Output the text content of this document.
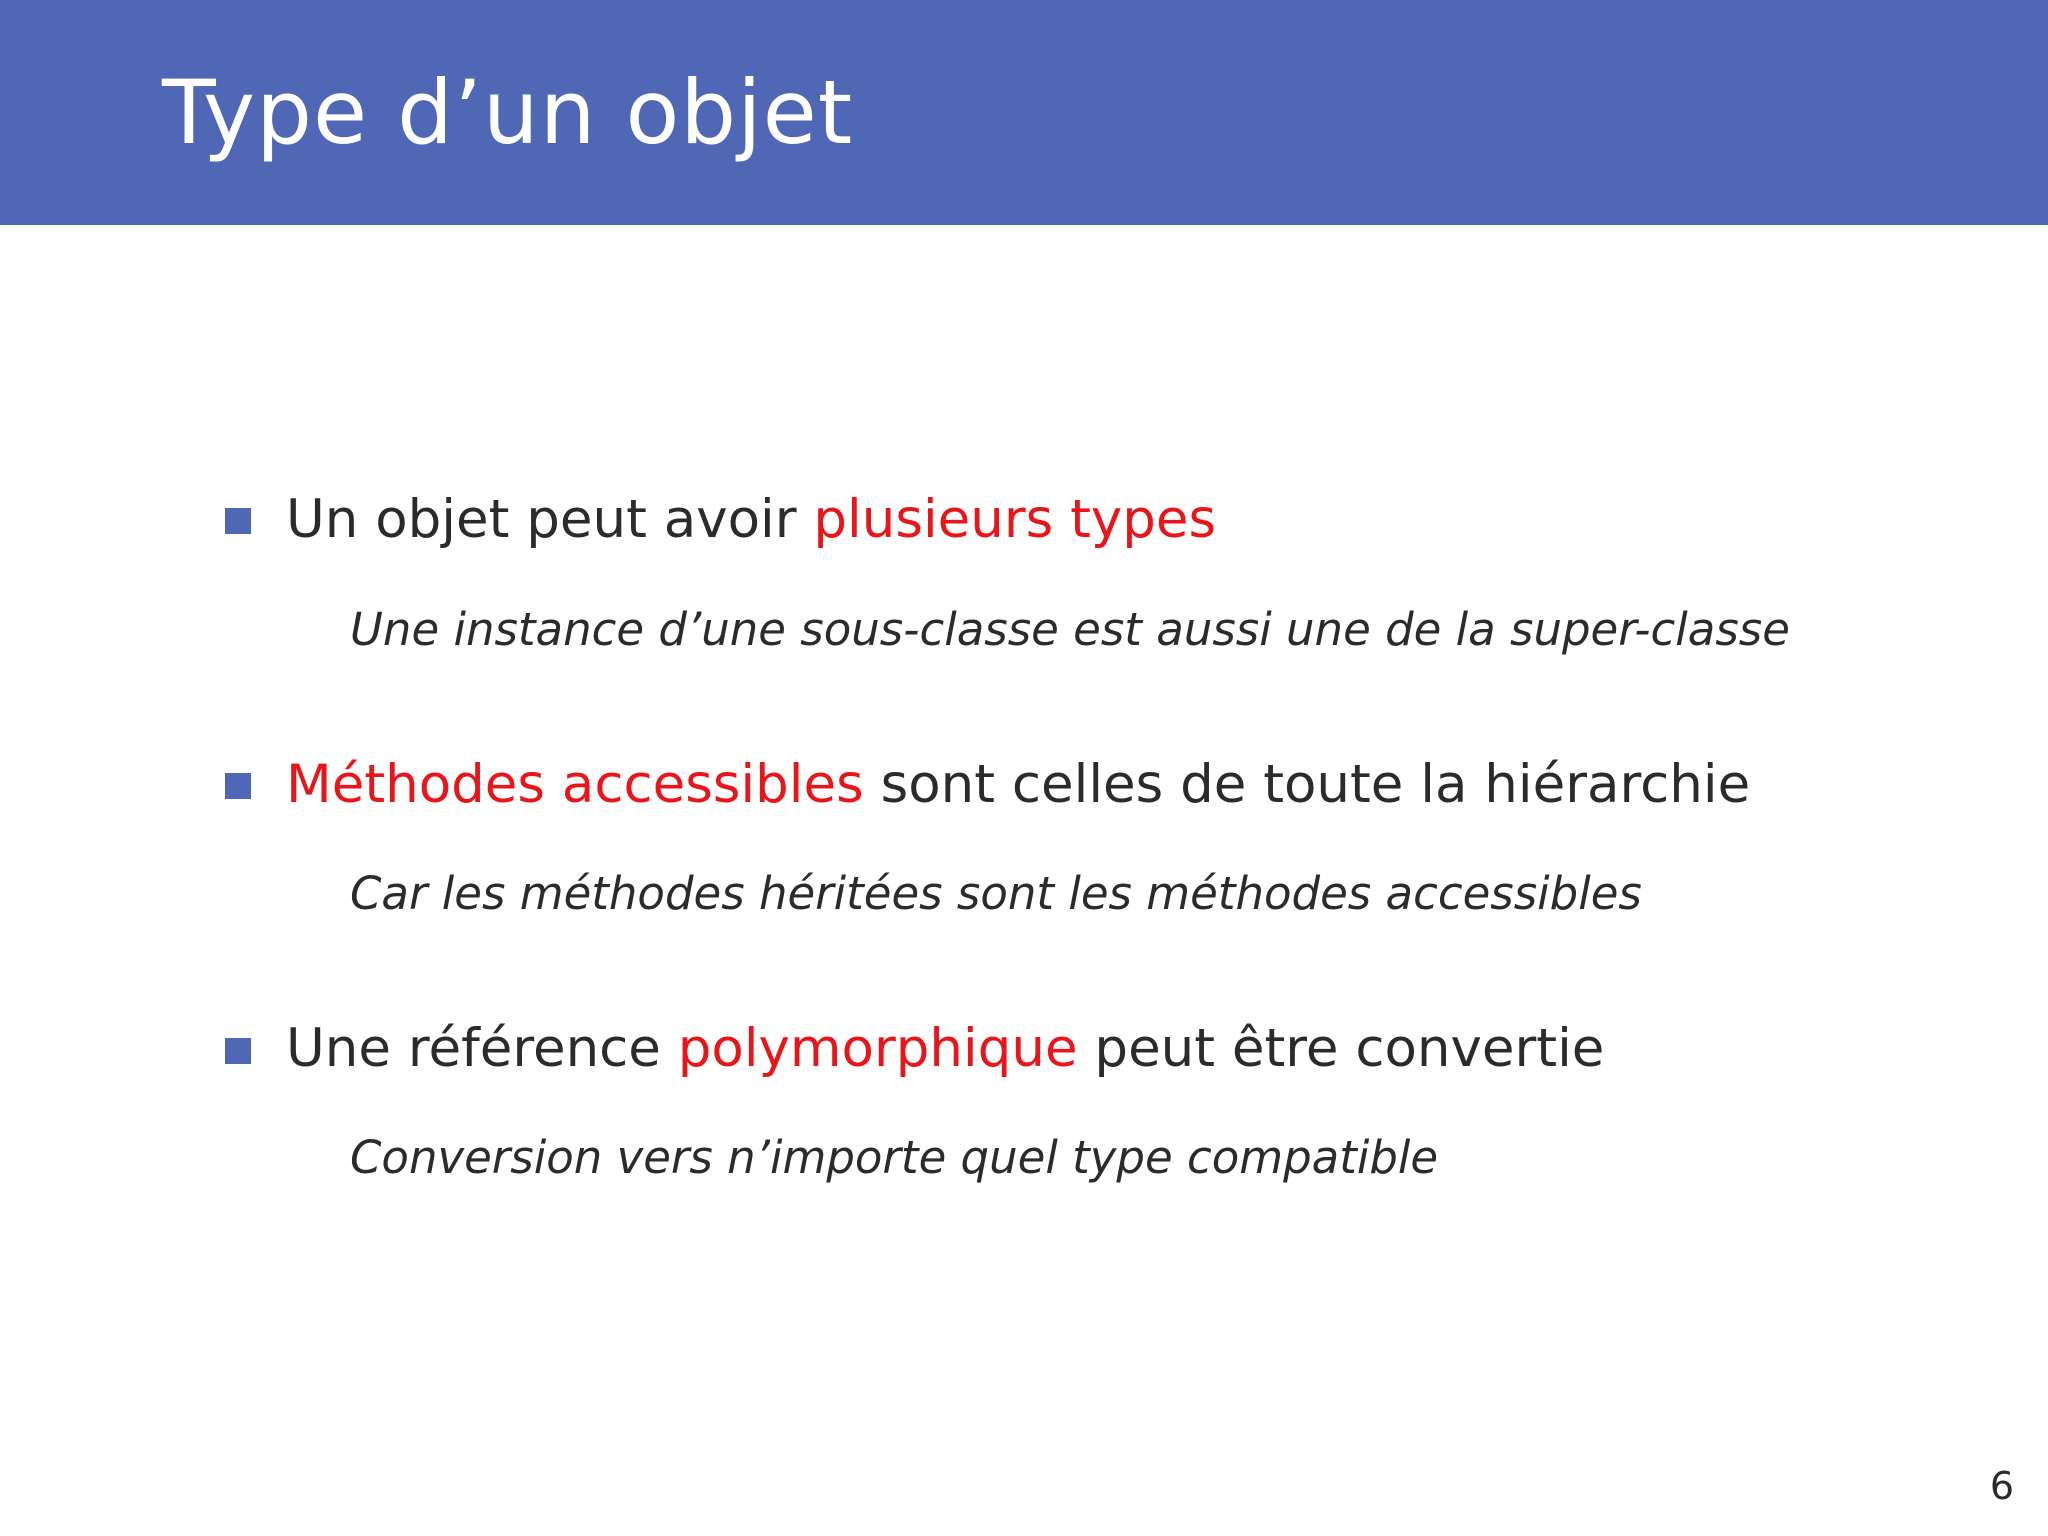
Type d’un objet
Un objet peut avoir plusieurs types
Une instance d’une sous-classe est aussi une de la super-classe
Méthodes accessibles sont celles de toute la hiérarchie
Car les méthodes héritées sont les méthodes accessibles
Une référence polymorphique peut être convertie
Conversion vers n’importe quel type compatible
6
